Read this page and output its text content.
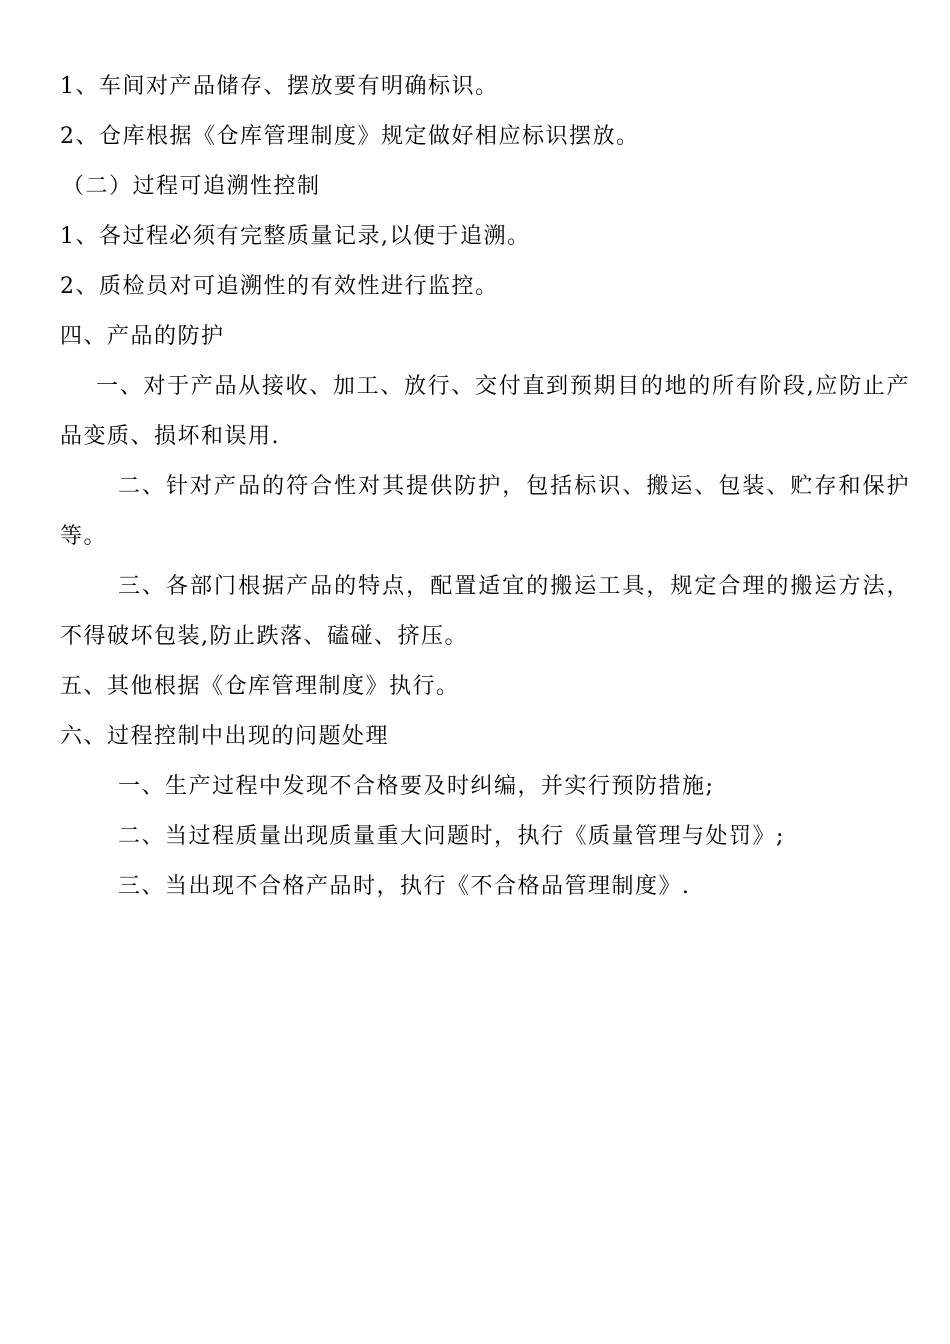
1、车间对产品储存、摆放要有明确标识。
2、仓库根据《仓库管理制度》规定做好相应标识摆放。
（二）过程可追溯性控制
1、各过程必须有完整质量记录,以便于追溯。
2、质检员对可追溯性的有效性进行监控。
四、产品的防护
一、对于产品从接收、加工、放行、交付直到预期目的地的所有阶段,应防止产品变质、损坏和误用.
二、针对产品的符合性对其提供防护，包括标识、搬运、包装、贮存和保护等。
三、各部门根据产品的特点，配置适宜的搬运工具，规定合理的搬运方法，不得破坏包装,防止跌落、磕碰、挤压。
五、其他根据《仓库管理制度》执行。
六、过程控制中出现的问题处理
一、生产过程中发现不合格要及时纠编，并实行预防措施;
二、当过程质量出现质量重大问题时，执行《质量管理与处罚》;
三、当出现不合格产品时，执行《不合格品管理制度》.
